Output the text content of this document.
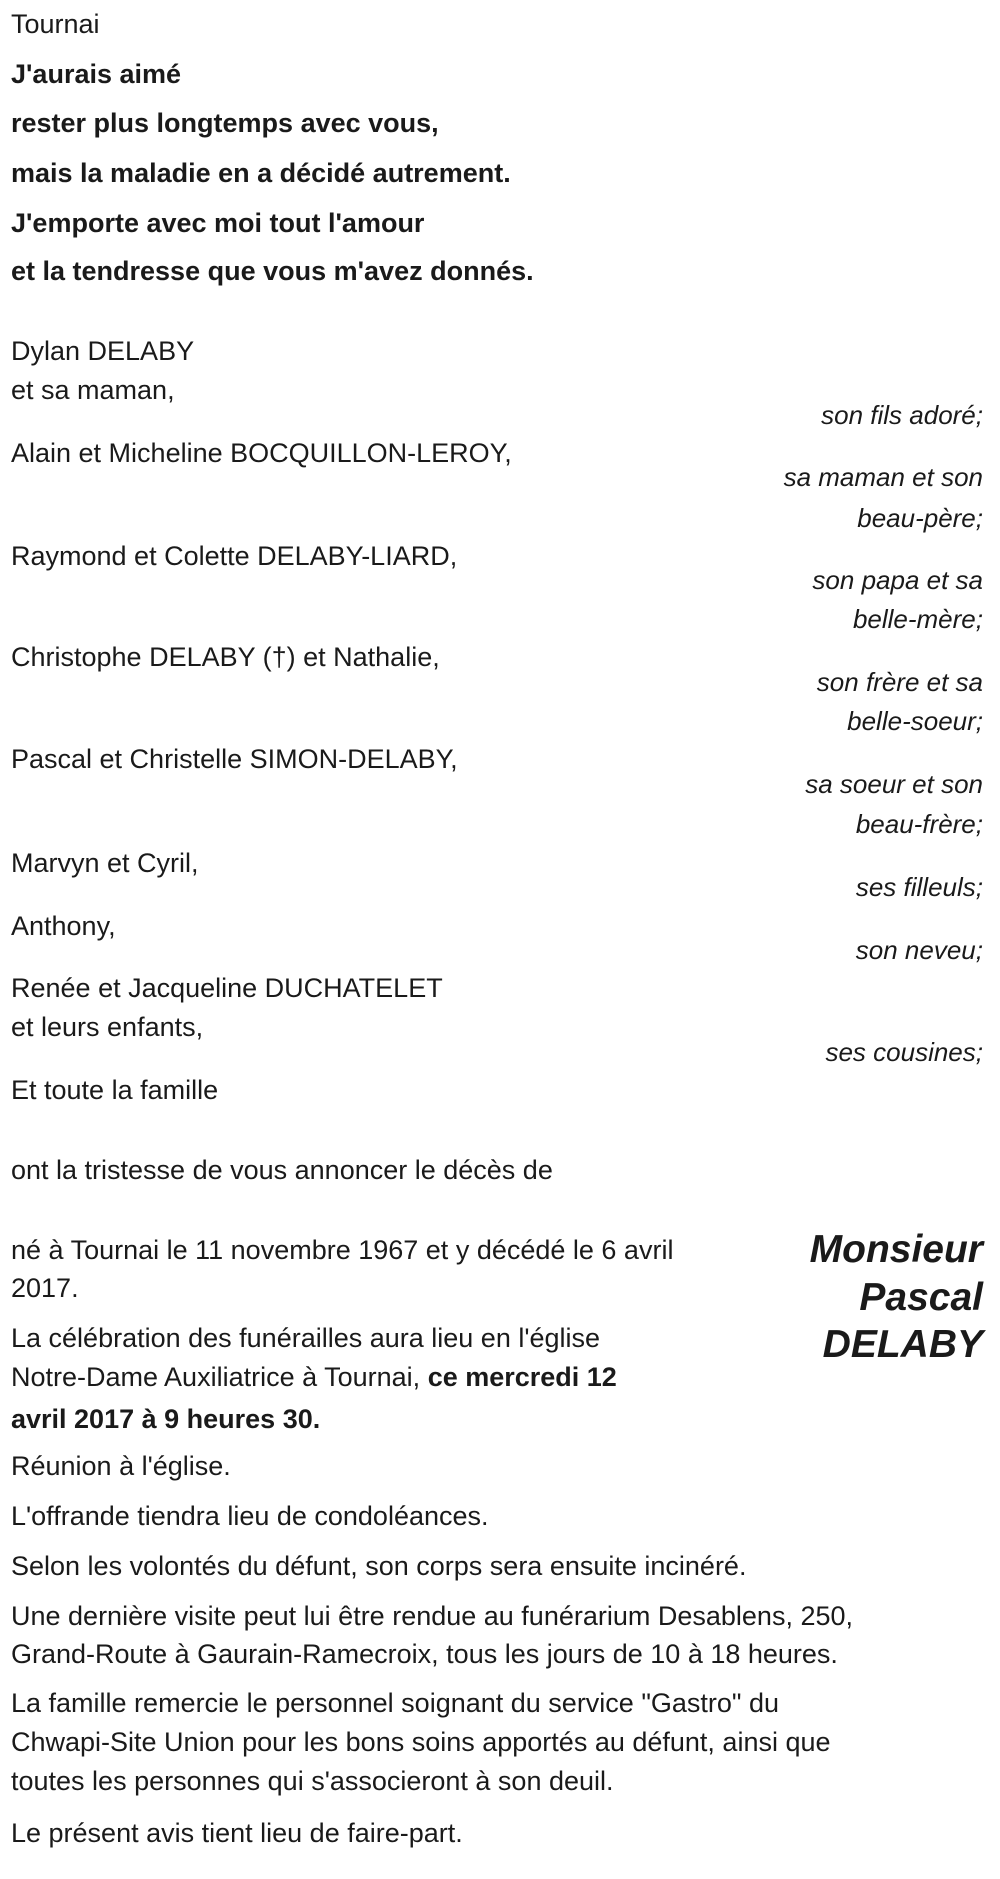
Tournai
J'aurais aimé
rester plus longtemps avec vous,
mais la maladie en a décidé autrement.
J'emporte avec moi tout l'amour
et la tendresse que vous m'avez donnés.
Dylan DELABY
et sa maman,
son fils adoré;
Alain et Micheline BOCQUILLON-LEROY,
sa maman et son
beau-père;
Raymond et Colette DELABY-LIARD,
son papa et sa
belle-mère;
Christophe DELABY (†) et Nathalie,
son frère et sa
belle-soeur;
Pascal et Christelle SIMON-DELABY,
sa soeur et son
beau-frère;
Marvyn et Cyril,
ses filleuls;
Anthony,
son neveu;
Renée et Jacqueline DUCHATELET
et leurs enfants,
ses cousines;
Et toute la famille
ont la tristesse de vous annoncer le décès de
Monsieur
Pascal
DELABY
né à Tournai le 11 novembre 1967 et y décédé le 6 avril
2017.
La célébration des funérailles aura lieu en l'église
Notre-Dame Auxiliatrice à Tournai, ce mercredi 12
avril 2017 à 9 heures 30.
Réunion à l'église.
L'offrande tiendra lieu de condoléances.
Selon les volontés du défunt, son corps sera ensuite incinéré.
Une dernière visite peut lui être rendue au funérarium Desablens, 250,
Grand-Route à Gaurain-Ramecroix, tous les jours de 10 à 18 heures.
La famille remercie le personnel soignant du service "Gastro" du
Chwapi-Site Union pour les bons soins apportés au défunt, ainsi que
toutes les personnes qui s'associeront à son deuil.
Le présent avis tient lieu de faire-part.
